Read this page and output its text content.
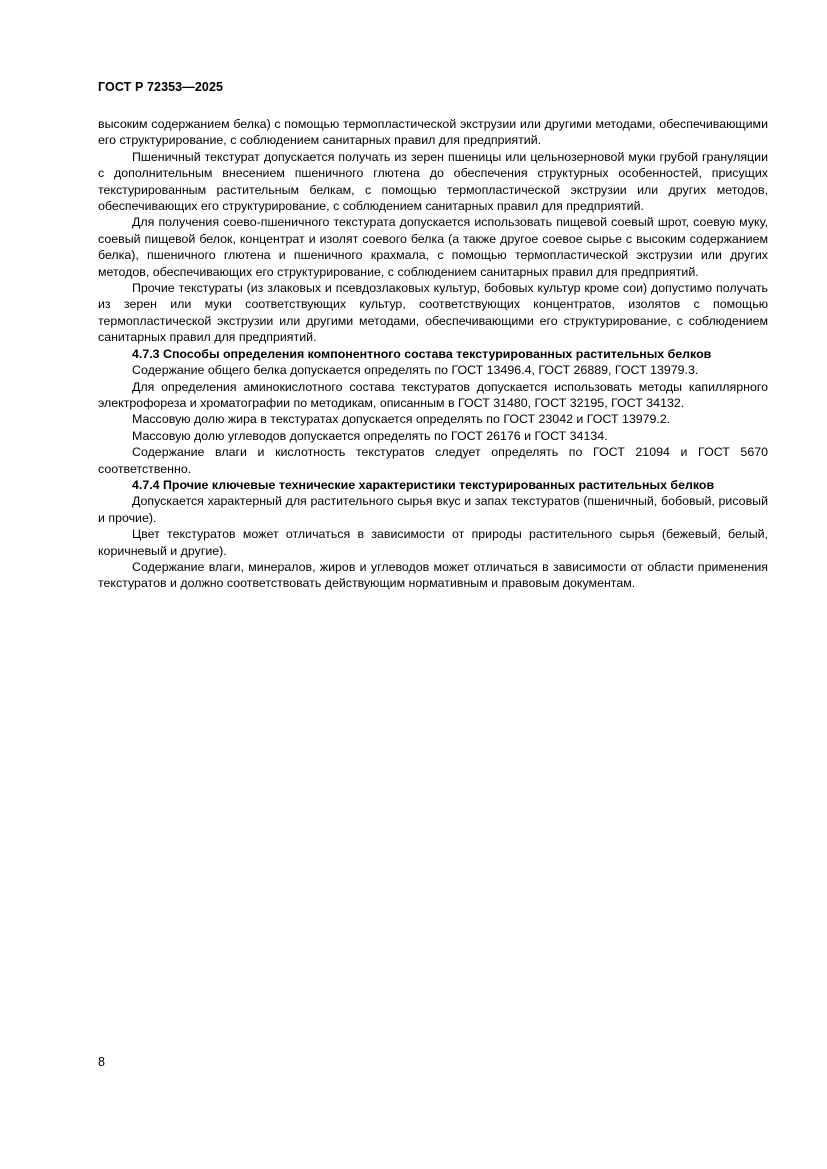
ГОСТ Р 72353—2025

высоким содержанием белка) с помощью термопластической экструзии или другими методами, обеспечивающими его структурирование, с соблюдением санитарных правил для предприятий.

Пшеничный текстурат допускается получать из зерен пшеницы или цельнозерновой муки грубой грануляции с дополнительным внесением пшеничного глютена до обеспечения структурных особенностей, присущих текстурированным растительным белкам, с помощью термопластической экструзии или других методов, обеспечивающих его структурирование, с соблюдением санитарных правил для предприятий.

Для получения соево-пшеничного текстурата допускается использовать пищевой соевый шрот, соевую муку, соевый пищевой белок, концентрат и изолят соевого белка (а также другое соевое сырье с высоким содержанием белка), пшеничного глютена и пшеничного крахмала, с помощью термопластической экструзии или других методов, обеспечивающих его структурирование, с соблюдением санитарных правил для предприятий.

Прочие текстураты (из злаковых и псевдозлаковых культур, бобовых культур кроме сои) допустимо получать из зерен или муки соответствующих культур, соответствующих концентратов, изолятов с помощью термопластической экструзии или другими методами, обеспечивающими его структурирование, с соблюдением санитарных правил для предприятий.

4.7.3 Способы определения компонентного состава текстурированных растительных белков

Содержание общего белка допускается определять по ГОСТ 13496.4, ГОСТ 26889, ГОСТ 13979.3.

Для определения аминокислотного состава текстуратов допускается использовать методы капиллярного электрофореза и хроматографии по методикам, описанным в ГОСТ 31480, ГОСТ 32195, ГОСТ 34132.

Массовую долю жира в текстуратах допускается определять по ГОСТ 23042 и ГОСТ 13979.2.

Массовую долю углеводов допускается определять по ГОСТ 26176 и ГОСТ 34134.

Содержание влаги и кислотность текстуратов следует определять по ГОСТ 21094 и ГОСТ 5670 соответственно.

4.7.4 Прочие ключевые технические характеристики текстурированных растительных белков

Допускается характерный для растительного сырья вкус и запах текстуратов (пшеничный, бобовый, рисовый и прочие).

Цвет текстуратов может отличаться в зависимости от природы растительного сырья (бежевый, белый, коричневый и другие).

Содержание влаги, минералов, жиров и углеводов может отличаться в зависимости от области применения текстуратов и должно соответствовать действующим нормативным и правовым документам.

8
